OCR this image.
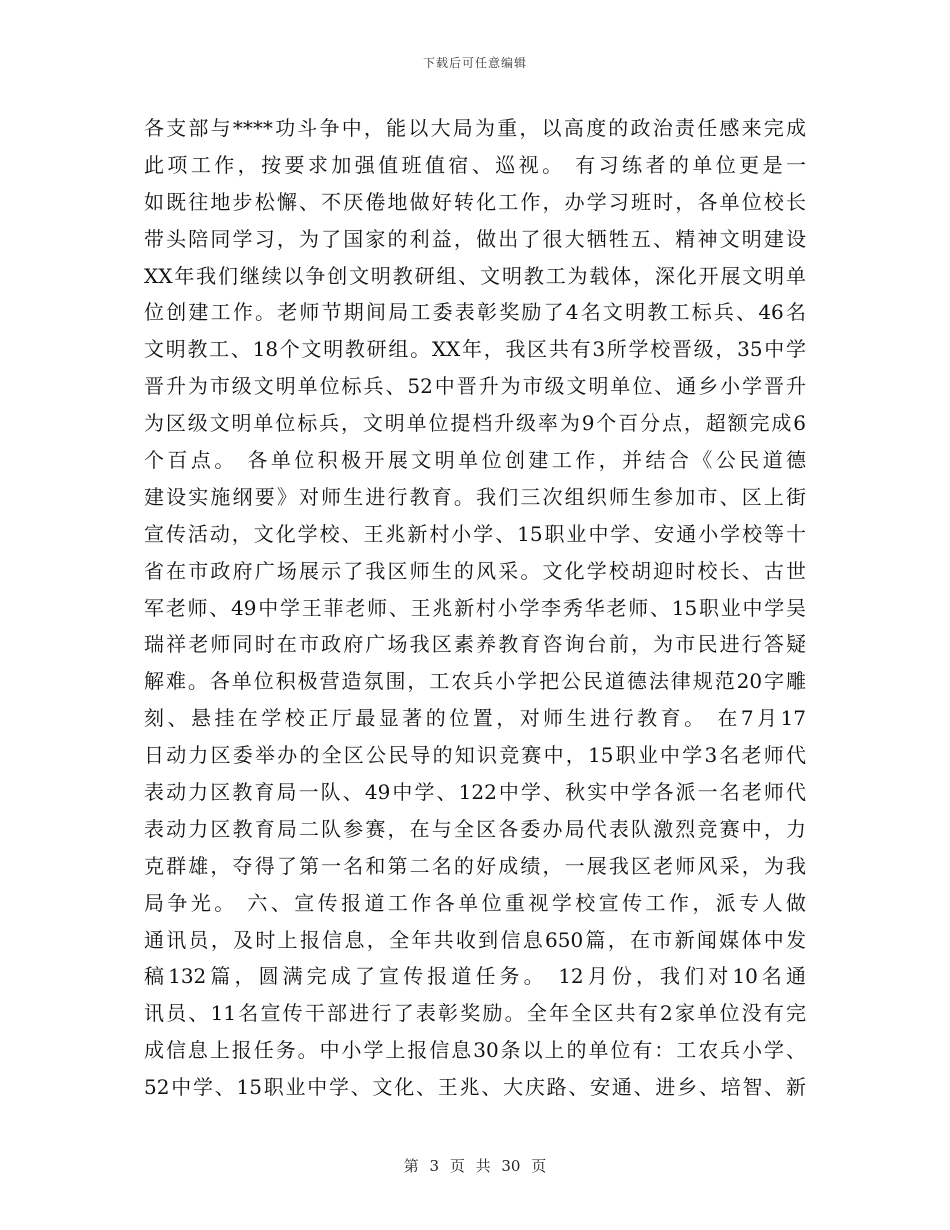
下载后可任意编辑
各支部与****功斗争中，能以大局为重，以高度的政治责任感来完成
此项工作，按要求加强值班值宿、巡视。 有习练者的单位更是一
如既往地步松懈、不厌倦地做好转化工作，办学习班时，各单位校长
带头陪同学习，为了国家的利益，做出了很大牺牲五、精神文明建设
XX年我们继续以争创文明教研组、文明教工为载体，深化开展文明单
位创建工作。老师节期间局工委表彰奖励了4名文明教工标兵、46名
文明教工、18个文明教研组。XX年，我区共有3所学校晋级，35中学
晋升为市级文明单位标兵、52中晋升为市级文明单位、通乡小学晋升
为区级文明单位标兵，文明单位提档升级率为9个百分点，超额完成6
个百点。 各单位积极开展文明单位创建工作，并结合《公民道德
建设实施纲要》对师生进行教育。我们三次组织师生参加市、区上街
宣传活动，文化学校、王兆新村小学、15职业中学、安通小学校等十
省在市政府广场展示了我区师生的风采。文化学校胡迎时校长、古世
军老师、49中学王菲老师、王兆新村小学李秀华老师、15职业中学吴
瑞祥老师同时在市政府广场我区素养教育咨询台前，为市民进行答疑
解难。各单位积极营造氛围，工农兵小学把公民道德法律规范20字雕
刻、悬挂在学校正厅最显著的位置，对师生进行教育。 在7月17
日动力区委举办的全区公民导的知识竞赛中，15职业中学3名老师代
表动力区教育局一队、49中学、122中学、秋实中学各派一名老师代
表动力区教育局二队参赛，在与全区各委办局代表队激烈竞赛中，力
克群雄，夺得了第一名和第二名的好成绩，一展我区老师风采，为我
局争光。 六、宣传报道工作各单位重视学校宣传工作，派专人做
通讯员，及时上报信息，全年共收到信息650篇，在市新闻媒体中发
稿132篇，圆满完成了宣传报道任务。 12月份，我们对10名通
讯员、11名宣传干部进行了表彰奖励。全年全区共有2家单位没有完
成信息上报任务。中小学上报信息30条以上的单位有：工农兵小学、
52中学、15职业中学、文化、王兆、大庆路、安通、进乡、培智、新
第 3 页 共 30 页
